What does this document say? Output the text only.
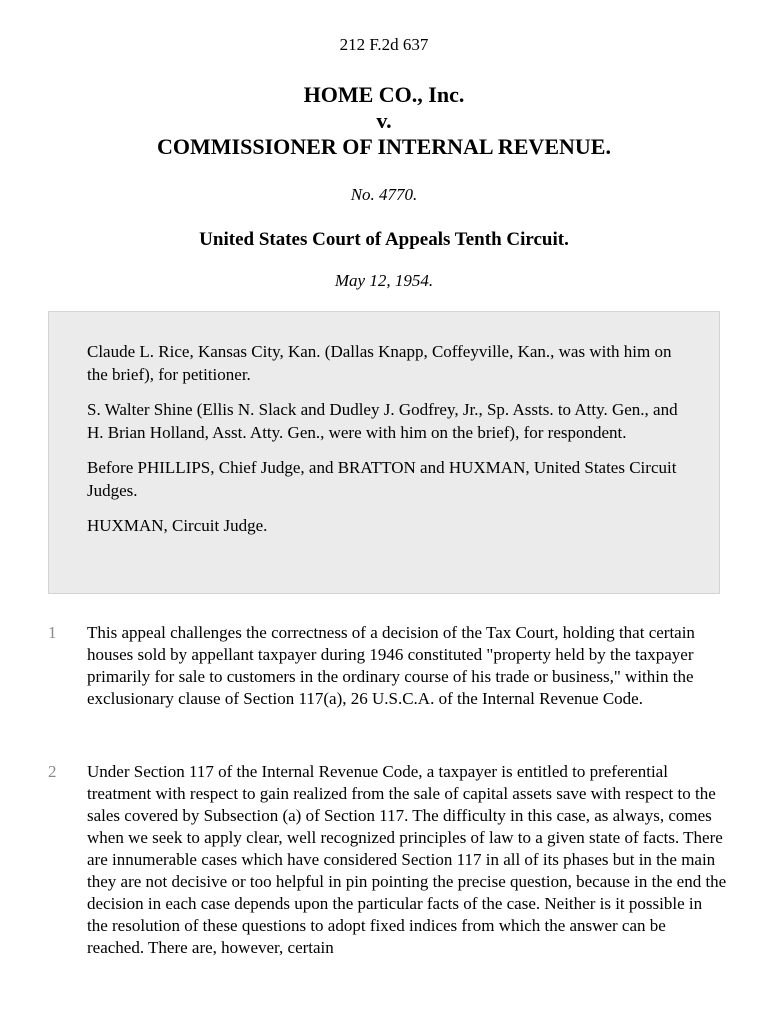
212 F.2d 637
HOME CO., Inc.
v.
COMMISSIONER OF INTERNAL REVENUE.
No. 4770.
United States Court of Appeals Tenth Circuit.
May 12, 1954.

Claude L. Rice, Kansas City, Kan. (Dallas Knapp, Coffeyville, Kan., was with him on the brief), for petitioner.

S. Walter Shine (Ellis N. Slack and Dudley J. Godfrey, Jr., Sp. Assts. to Atty. Gen., and H. Brian Holland, Asst. Atty. Gen., were with him on the brief), for respondent.

Before PHILLIPS, Chief Judge, and BRATTON and HUXMAN, United States Circuit Judges.

HUXMAN, Circuit Judge.

1	This appeal challenges the correctness of a decision of the Tax Court, holding that certain houses sold by appellant taxpayer during 1946 constituted "property held by the taxpayer primarily for sale to customers in the ordinary course of his trade or business," within the exclusionary clause of Section 117(a), 26 U.S.C.A. of the Internal Revenue Code.
2	Under Section 117 of the Internal Revenue Code, a taxpayer is entitled to preferential treatment with respect to gain realized from the sale of capital assets save with respect to the sales covered by Subsection (a) of Section 117. The difficulty in this case, as always, comes when we seek to apply clear, well recognized principles of law to a given state of facts. There are innumerable cases which have considered Section 117 in all of its phases but in the main they are not decisive or too helpful in pin pointing the precise question, because in the end the decision in each case depends upon the particular facts of the case. Neither is it possible in the resolution of these questions to adopt fixed indices from which the answer can be reached. There are, however, certain
